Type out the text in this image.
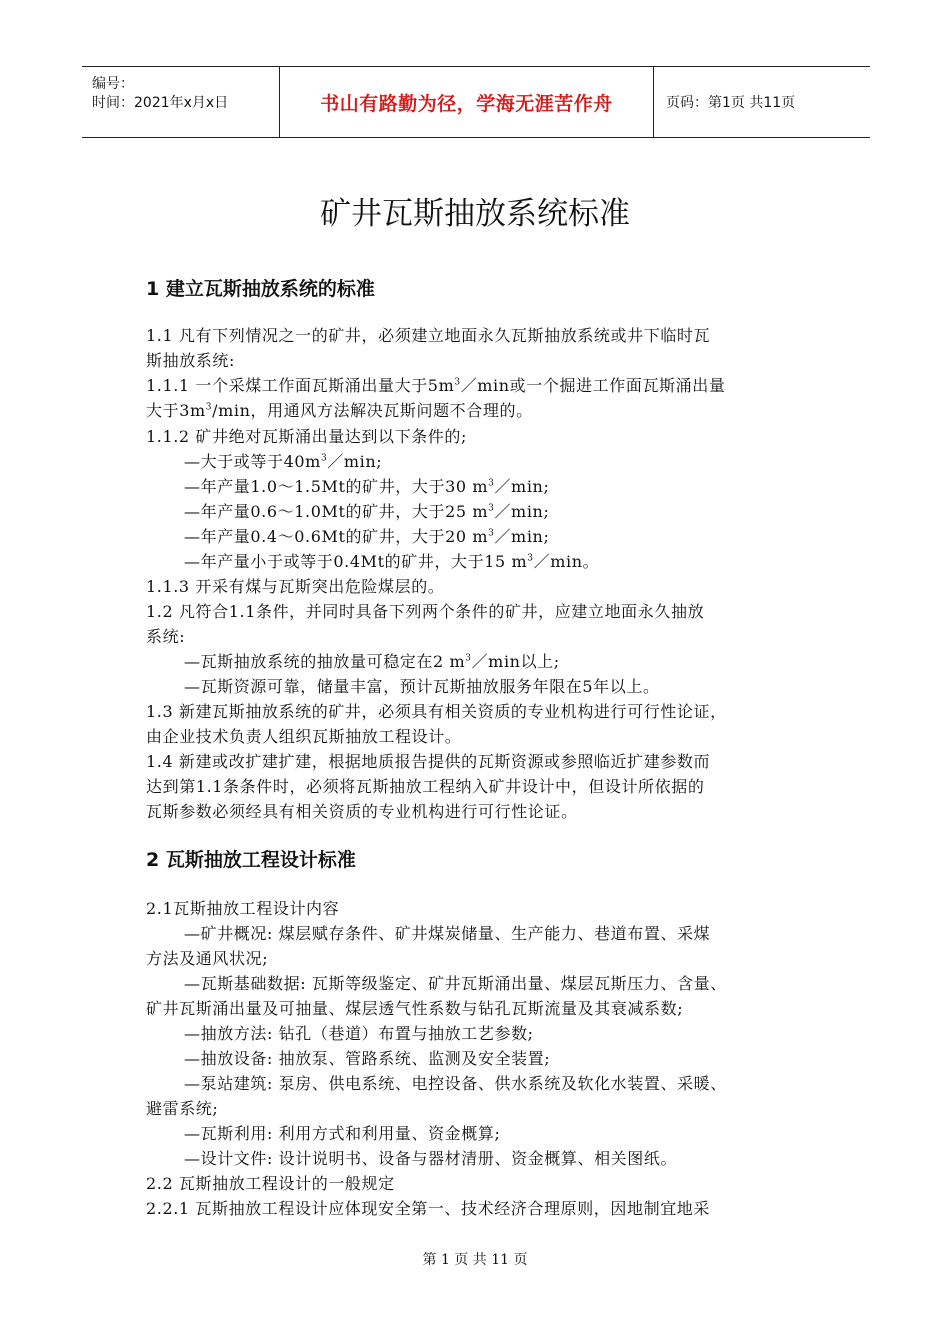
编号：
时间：2021年x月x日	书山有路勤为径，学海无涯苦作舟	页码：第1页 共11页
矿井瓦斯抽放系统标准
1 建立瓦斯抽放系统的标准
1.1 凡有下列情况之一的矿井，必须建立地面永久瓦斯抽放系统或井下临时瓦
斯抽放系统:
1.1.1 一个采煤工作面瓦斯涌出量大于$5m^3/\min$或一个掘进工作面瓦斯涌出量
大于$3m^3/\min$，用通风方法解决瓦斯问题不合理的。
1.1.2 矿井绝对瓦斯涌出量达到以下条件的;
—大于或等于$40m^3/\min$;
—年产量1.0～1.5Mt的矿井，大于30 $m^3/\min$;
—年产量0.6～1.0Mt的矿井，大于25 $m^3/\min$;
—年产量0.4～0.6Mt的矿井，大于20 $m^3/\min$;
—年产量小于或等于0.4Mt的矿井，大于15 $m^3/\min$。
1.1.3 开采有煤与瓦斯突出危险煤层的。
1.2 凡符合1.1条件，并同时具备下列两个条件的矿井，应建立地面永久抽放
系统:
—瓦斯抽放系统的抽放量可稳定在2 $m^3/\min$以上;
—瓦斯资源可靠，储量丰富，预计瓦斯抽放服务年限在5年以上。
1.3 新建瓦斯抽放系统的矿井，必须具有相关资质的专业机构进行可行性论证，
由企业技术负责人组织瓦斯抽放工程设计。
1.4 新建或改扩建扩建，根据地质报告提供的瓦斯资源或参照临近扩建参数而
达到第1.1条条件时，必须将瓦斯抽放工程纳入矿井设计中，但设计所依据的
瓦斯参数必须经具有相关资质的专业机构进行可行性论证。
2 瓦斯抽放工程设计标准
2.1瓦斯抽放工程设计内容
—矿井概况: 煤层赋存条件、矿井煤炭储量、生产能力、巷道布置、采煤
方法及通风状况;
—瓦斯基础数据: 瓦斯等级鉴定、矿井瓦斯涌出量、煤层瓦斯压力、含量、
矿井瓦斯涌出量及可抽量、煤层透气性系数与钻孔瓦斯流量及其衰减系数;
—抽放方法: 钻孔（巷道）布置与抽放工艺参数;
—抽放设备: 抽放泵、管路系统、监测及安全装置;
—泵站建筑: 泵房、供电系统、电控设备、供水系统及软化水装置、采暖、
避雷系统;
—瓦斯利用: 利用方式和利用量、资金概算;
—设计文件: 设计说明书、设备与器材清册、资金概算、相关图纸。
2.2 瓦斯抽放工程设计的一般规定
2.2.1 瓦斯抽放工程设计应体现安全第一、技术经济合理原则，因地制宜地采
第 1 页 共 11 页
